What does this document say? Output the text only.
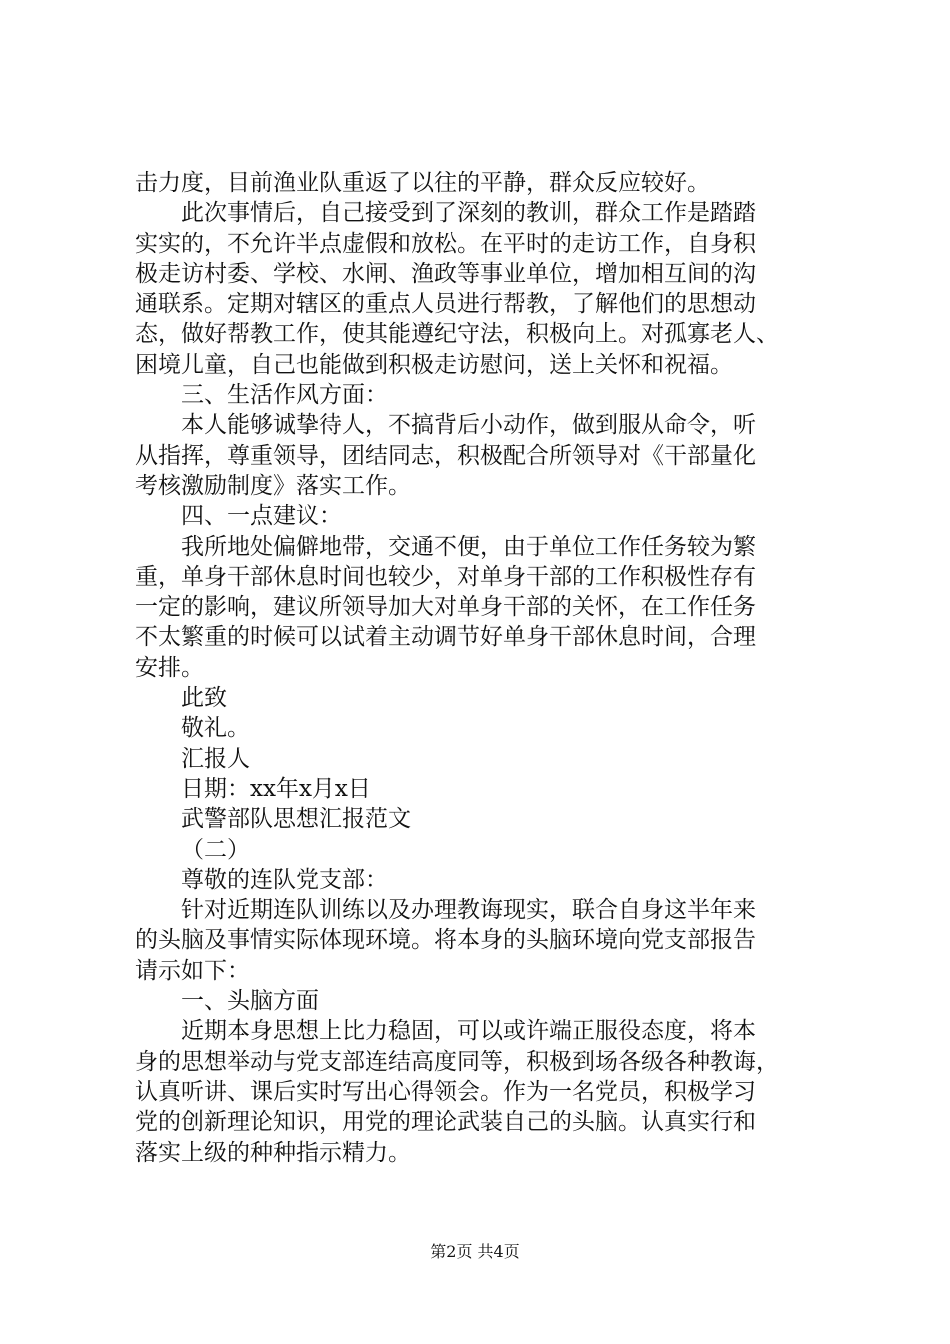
击力度，目前渔业队重返了以往的平静，群众反应较好。
此次事情后，自己接受到了深刻的教训，群众工作是踏踏
实实的，不允许半点虚假和放松。在平时的走访工作，自身积
极走访村委、学校、水闸、渔政等事业单位，增加相互间的沟
通联系。定期对辖区的重点人员进行帮教，了解他们的思想动
态，做好帮教工作，使其能遵纪守法，积极向上。对孤寡老人、
困境儿童，自己也能做到积极走访慰问，送上关怀和祝福。
三、生活作风方面：
本人能够诚挚待人，不搞背后小动作，做到服从命令，听
从指挥，尊重领导，团结同志，积极配合所领导对《干部量化
考核激励制度》落实工作。
四、一点建议：
我所地处偏僻地带，交通不便，由于单位工作任务较为繁
重，单身干部休息时间也较少，对单身干部的工作积极性存有
一定的影响，建议所领导加大对单身干部的关怀，在工作任务
不太繁重的时候可以试着主动调节好单身干部休息时间，合理
安排。
此致
敬礼。
汇报人
日期：xx年x月x日
武警部队思想汇报范文
（二）
尊敬的连队党支部：
针对近期连队训练以及办理教诲现实，联合自身这半年来
的头脑及事情实际体现环境。将本身的头脑环境向党支部报告
请示如下：
一、头脑方面
近期本身思想上比力稳固，可以或许端正服役态度，将本
身的思想举动与党支部连结高度同等，积极到场各级各种教诲，
认真听讲、课后实时写出心得领会。作为一名党员，积极学习
党的创新理论知识，用党的理论武装自己的头脑。认真实行和
落实上级的种种指示精力。
第2页 共4页
